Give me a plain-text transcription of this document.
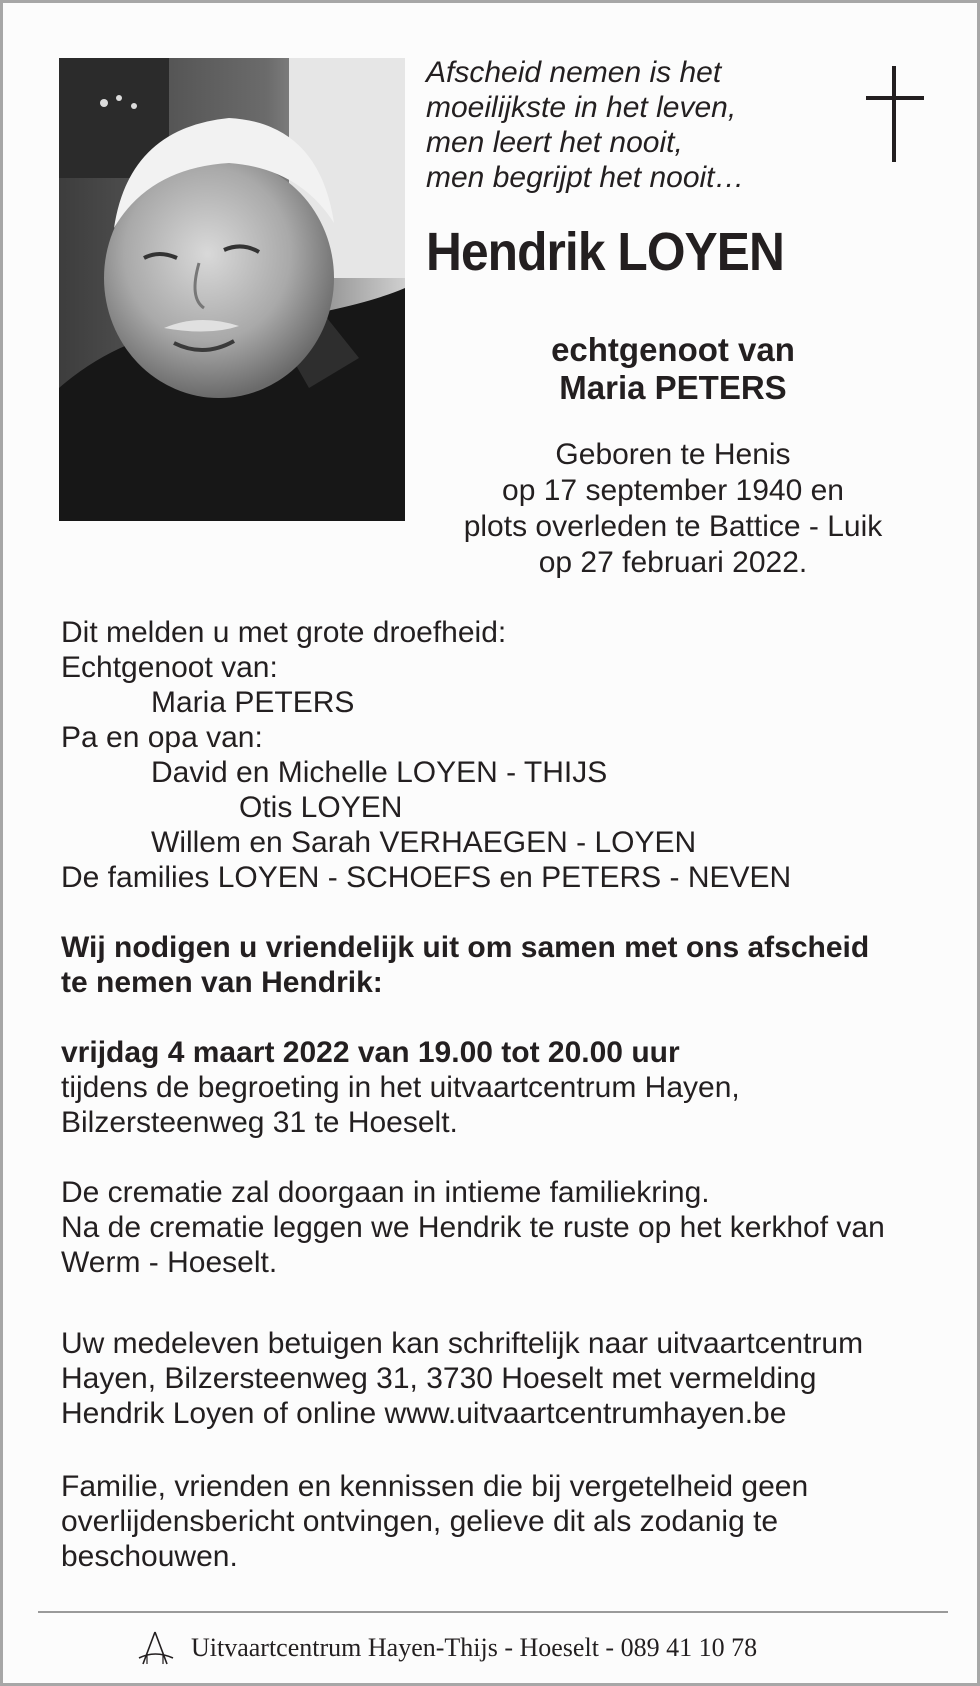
Afscheid nemen is het
moeilijkste in het leven,
men leert het nooit,
men begrijpt het nooit…
Hendrik LOYEN
echtgenoot van
Maria PETERS
Geboren te Henis
op 17 september 1940 en
plots overleden te Battice - Luik
op 27 februari 2022.
Dit melden u met grote droefheid:
Echtgenoot van:
Maria PETERS
Pa en opa van:
David en Michelle LOYEN - THIJS
Otis LOYEN
Willem en Sarah VERHAEGEN - LOYEN
De families LOYEN - SCHOEFS en PETERS - NEVEN
Wij nodigen u vriendelijk uit om samen met ons afscheid
te nemen van Hendrik:
vrijdag 4 maart 2022 van 19.00 tot 20.00 uur
tijdens de begroeting in het uitvaartcentrum Hayen,
Bilzersteenweg 31 te Hoeselt.
De crematie zal doorgaan in intieme familiekring.
Na de crematie leggen we Hendrik te ruste op het kerkhof van
Werm - Hoeselt.
Uw medeleven betuigen kan schriftelijk naar uitvaartcentrum
Hayen, Bilzersteenweg 31, 3730 Hoeselt met vermelding
Hendrik Loyen of online www.uitvaartcentrumhayen.be
Familie, vrienden en kennissen die bij vergetelheid geen
overlijdensbericht ontvingen, gelieve dit als zodanig te
beschouwen.
Uitvaartcentrum Hayen-Thijs - Hoeselt - 089 41 10 78
